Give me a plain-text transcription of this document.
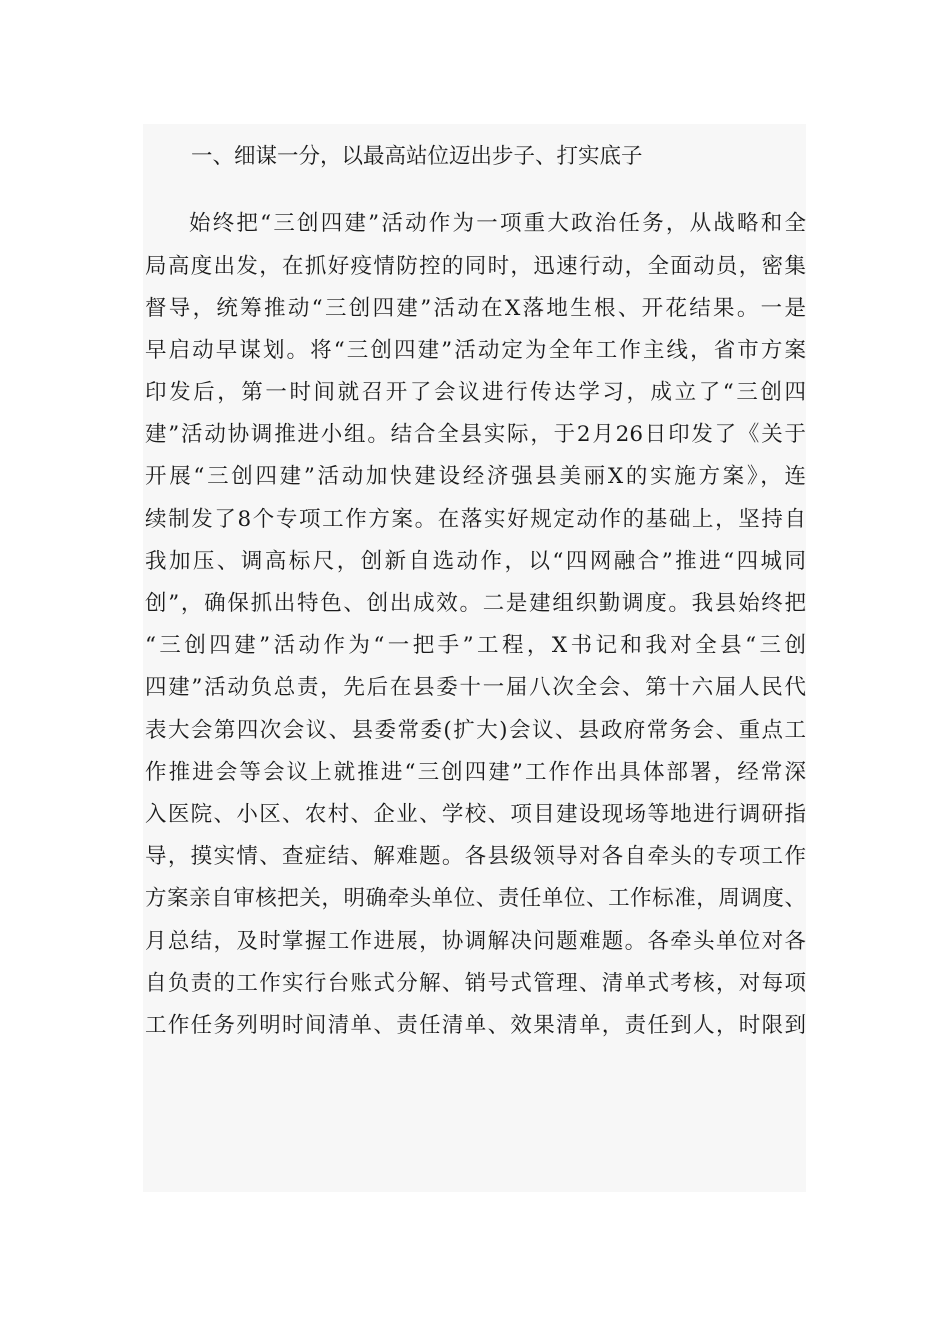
一、细谋一分，以最高站位迈出步子、打实底子
始终把“三创四建”活动作为一项重大政治任务，从战略和全
局高度出发，在抓好疫情防控的同时，迅速行动，全面动员，密集
督导，统筹推动“三创四建”活动在X落地生根、开花结果。一是
早启动早谋划。将“三创四建”活动定为全年工作主线，省市方案
印发后，第一时间就召开了会议进行传达学习，成立了“三创四
建”活动协调推进小组。结合全县实际，于2月26日印发了《关于
开展“三创四建”活动加快建设经济强县美丽X的实施方案》，连
续制发了8个专项工作方案。在落实好规定动作的基础上，坚持自
我加压、调高标尺，创新自选动作，以“四网融合”推进“四城同
创”，确保抓出特色、创出成效。二是建组织勤调度。我县始终把
“三创四建”活动作为“一把手”工程，X书记和我对全县“三创
四建”活动负总责，先后在县委十一届八次全会、第十六届人民代
表大会第四次会议、县委常委(扩大)会议、县政府常务会、重点工
作推进会等会议上就推进“三创四建”工作作出具体部署，经常深
入医院、小区、农村、企业、学校、项目建设现场等地进行调研指
导，摸实情、查症结、解难题。各县级领导对各自牵头的专项工作
方案亲自审核把关，明确牵头单位、责任单位、工作标准，周调度、
月总结，及时掌握工作进展，协调解决问题难题。各牵头单位对各
自负责的工作实行台账式分解、销号式管理、清单式考核，对每项
工作任务列明时间清单、责任清单、效果清单，责任到人，时限到
